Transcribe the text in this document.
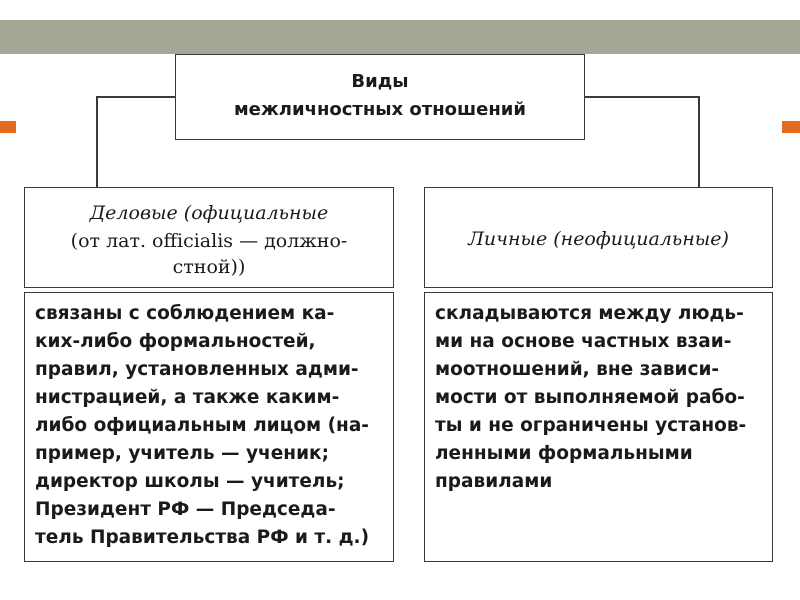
Виды
межличностных отношений
Деловые (официальные
(от лат. officialis — должно-
стной))
Личные (неофициальные)
связаны с соблюдением ка-
ких-либо формальностей,
правил, установленных адми-
нистрацией, а также каким-
либо официальным лицом (на-
пример, учитель — ученик;
директор школы — учитель;
Президент РФ — Председа-
тель Правительства РФ и т. д.)
складываются между людь-
ми на основе частных взаи-
моотношений, вне зависи-
мости от выполняемой рабо-
ты и не ограничены установ-
ленными формальными
правилами
